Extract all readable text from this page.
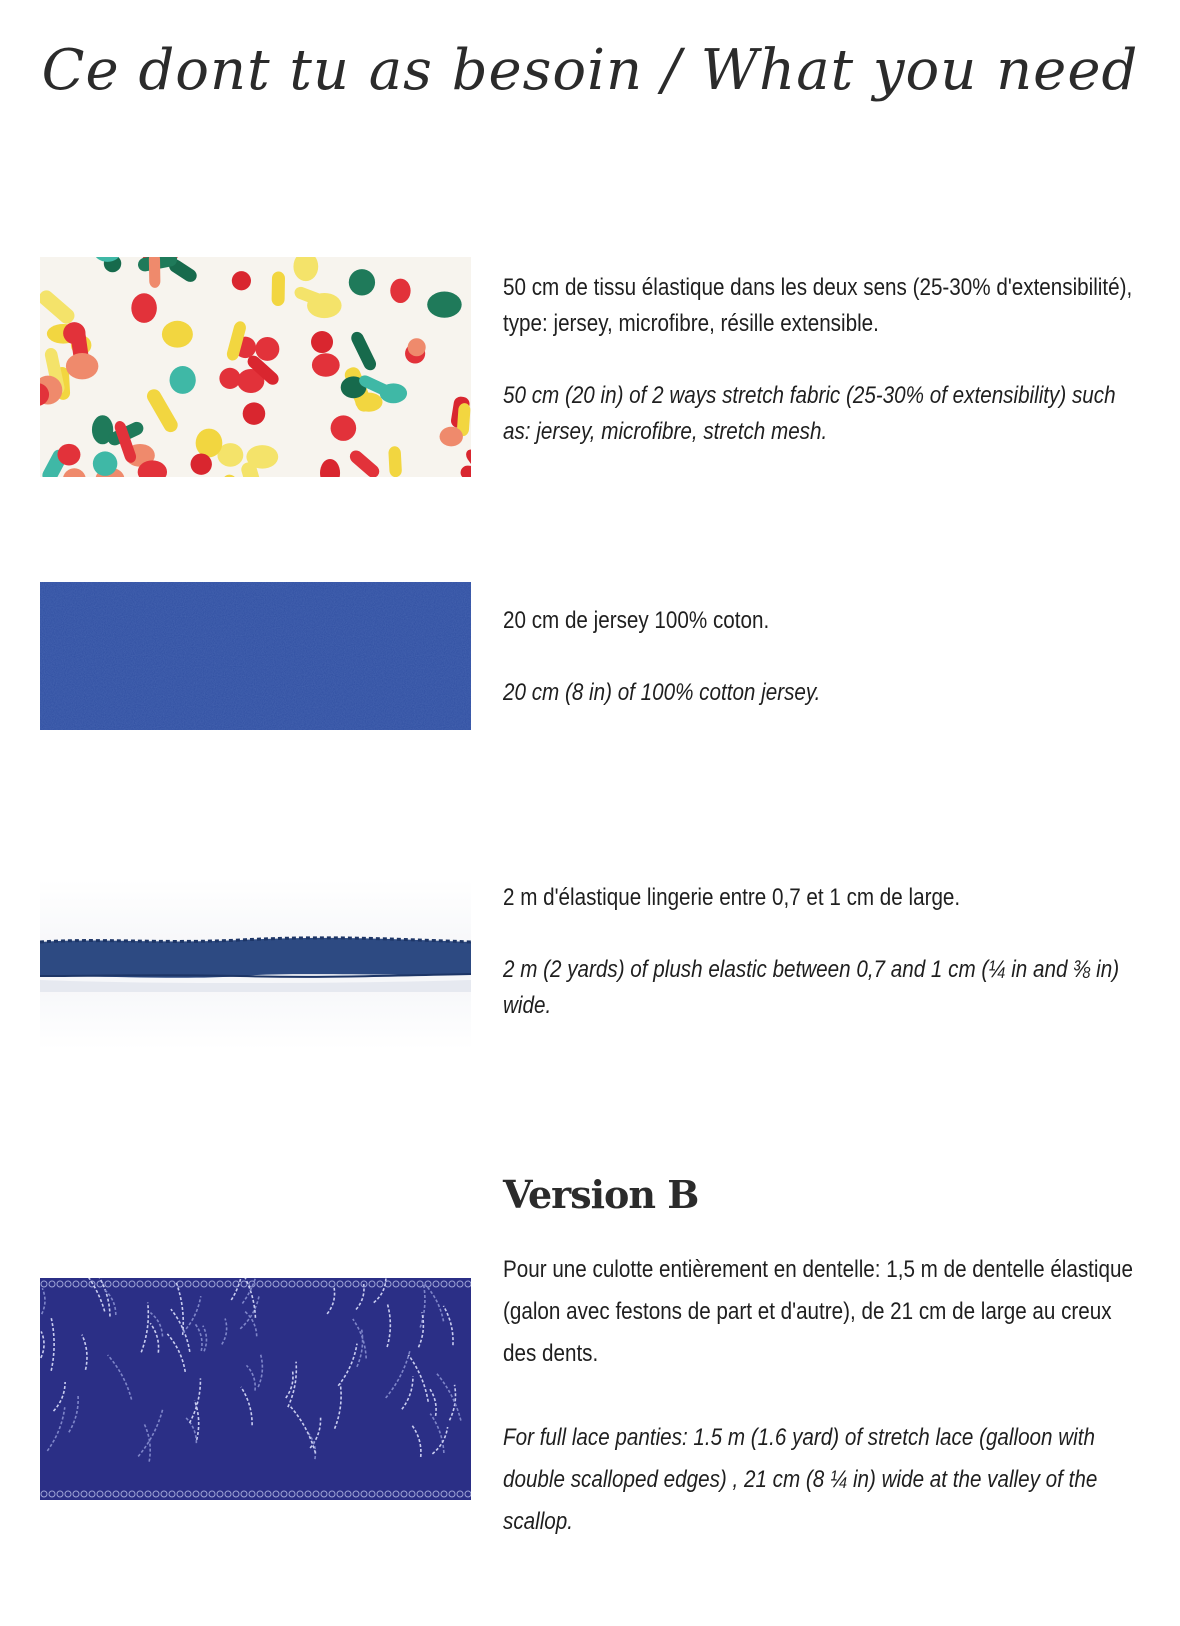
Ce dont tu as besoin / What you need

50 cm de tissu élastique dans les deux sens (25-30% d'extensibilité), type: jersey, microfibre, résille extensible.

50 cm (20 in) of 2 ways stretch fabric (25-30% of extensibility) such as: jersey, microfibre, stretch mesh.

20 cm de jersey 100% coton.

20 cm (8 in) of 100% cotton jersey.

2 m d'élastique lingerie entre 0,7 et 1 cm de large.

2 m (2 yards) of plush elastic between 0,7 and 1 cm (¼ in and ⅜ in) wide.

Version B

Pour une culotte entièrement en dentelle: 1,5 m de dentelle élastique (galon avec festons de part et d'autre), de 21 cm de large au creux des dents.

For full lace panties: 1.5 m (1.6 yard) of stretch lace (galloon with double scalloped edges) , 21 cm (8 ¼ in) wide at the valley of the scallop.
